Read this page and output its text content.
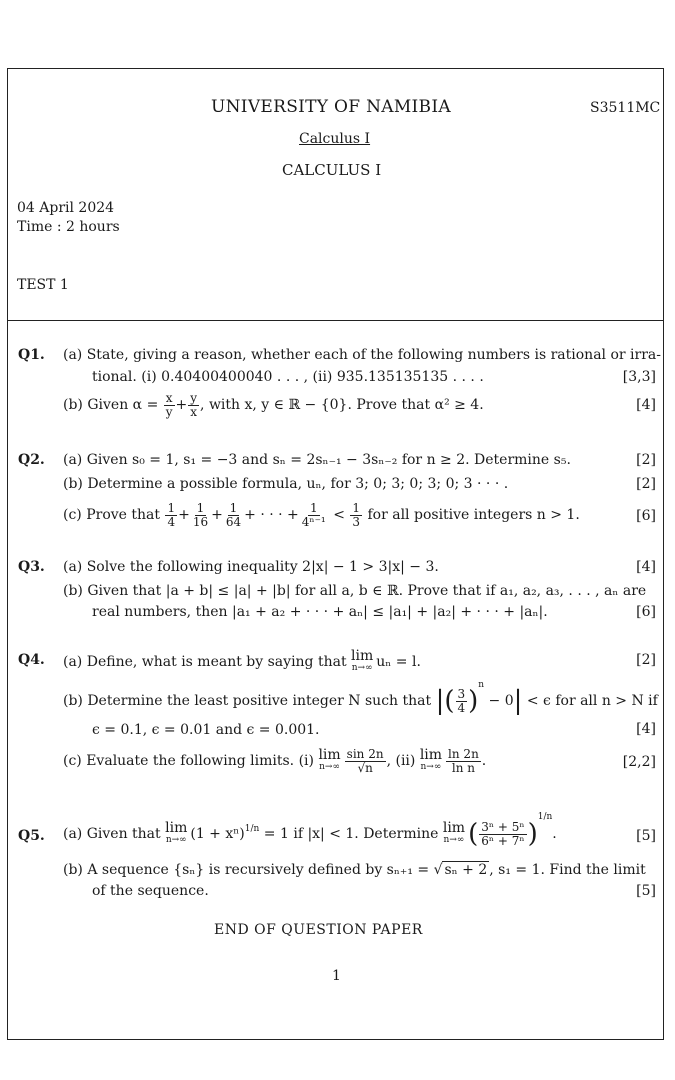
UNIVERSITY OF NAMIBIA	S3511MC
Calculus I
CALCULUS I
04 April 2024
Time : 2 hours
TEST 1
Q1. (a) State, giving a reason, whether each of the following numbers is rational or irra-
tional. (i) 0.40400400040 . . . , (ii) 935.135135135 . . . .	[3,3]
(b) Given α =
$\frac{x}{y} + \frac{y}{x}$ , with x, y ∈ ℝ − {0}. Prove that α² ≥ 4.	[4]
Q2. (a) Given s₀ = 1, s₁ = −3 and sₙ = 2sₙ₋₁ − 3sₙ₋₂ for n ≥ 2. Determine s₅.	[2]
(b) Determine a possible formula, uₙ, for 3; 0; 3; 0; 3; 0; 3 · · · .	[2]
(c) Prove that
$\frac{1}{4} + \frac{1}{16} + \frac{1}{64}$ + · · · + $\frac{1}{\text{4ⁿ⁻¹}}$
<
$\frac{1}{3}$
for all positive integers n > 1.	[6]
Q3. (a) Solve the following inequality 2|x| − 1 > 3|x| − 3.	[4]
(b) Given that |a + b| ≤ |a| + |b| for all a, b ∈ ℝ. Prove that if a₁, a₂, a₃, . . . , aₙ are
real numbers, then |a₁ + a₂ + · · · + aₙ| ≤ |a₁| + |a₂| + · · · + |aₙ|.	[6]
Q4. (a) Define, what is meant by saying that
lim
n→∞ uₙ = l.	[2]
(b) Determine the least positive integer N such that
| ( $\frac{3}{4}$ )
$^n$

− 0 |
< ϵ for all n > N if
ϵ = 0.1, ϵ = 0.01 and ϵ = 0.001.	[4]
(c) Evaluate the following limits. (i)
lim
$n\to\infty \frac{\sin 2n}{√n}$ , (ii)
lim
$n\to\infty \frac{\ln 2n}{\text{ln n}}$ .	[2,2]
Q5. (a) Given that
lim
n→∞ $(1 + x^n)^{1/n}$
= 1 if |x| < 1. Determine
lim
n→∞ ( $\frac{\text{3ⁿ + 5ⁿ}}{\text{6ⁿ + 7ⁿ}}$ )
$^{1/n}$
.	[5]
(b) A sequence {sₙ} is recursively defined by sₙ₊₁ = √ sₙ + 2 , s₁ = 1. Find the limit
of the sequence.	[5]
END OF QUESTION PAPER
1
